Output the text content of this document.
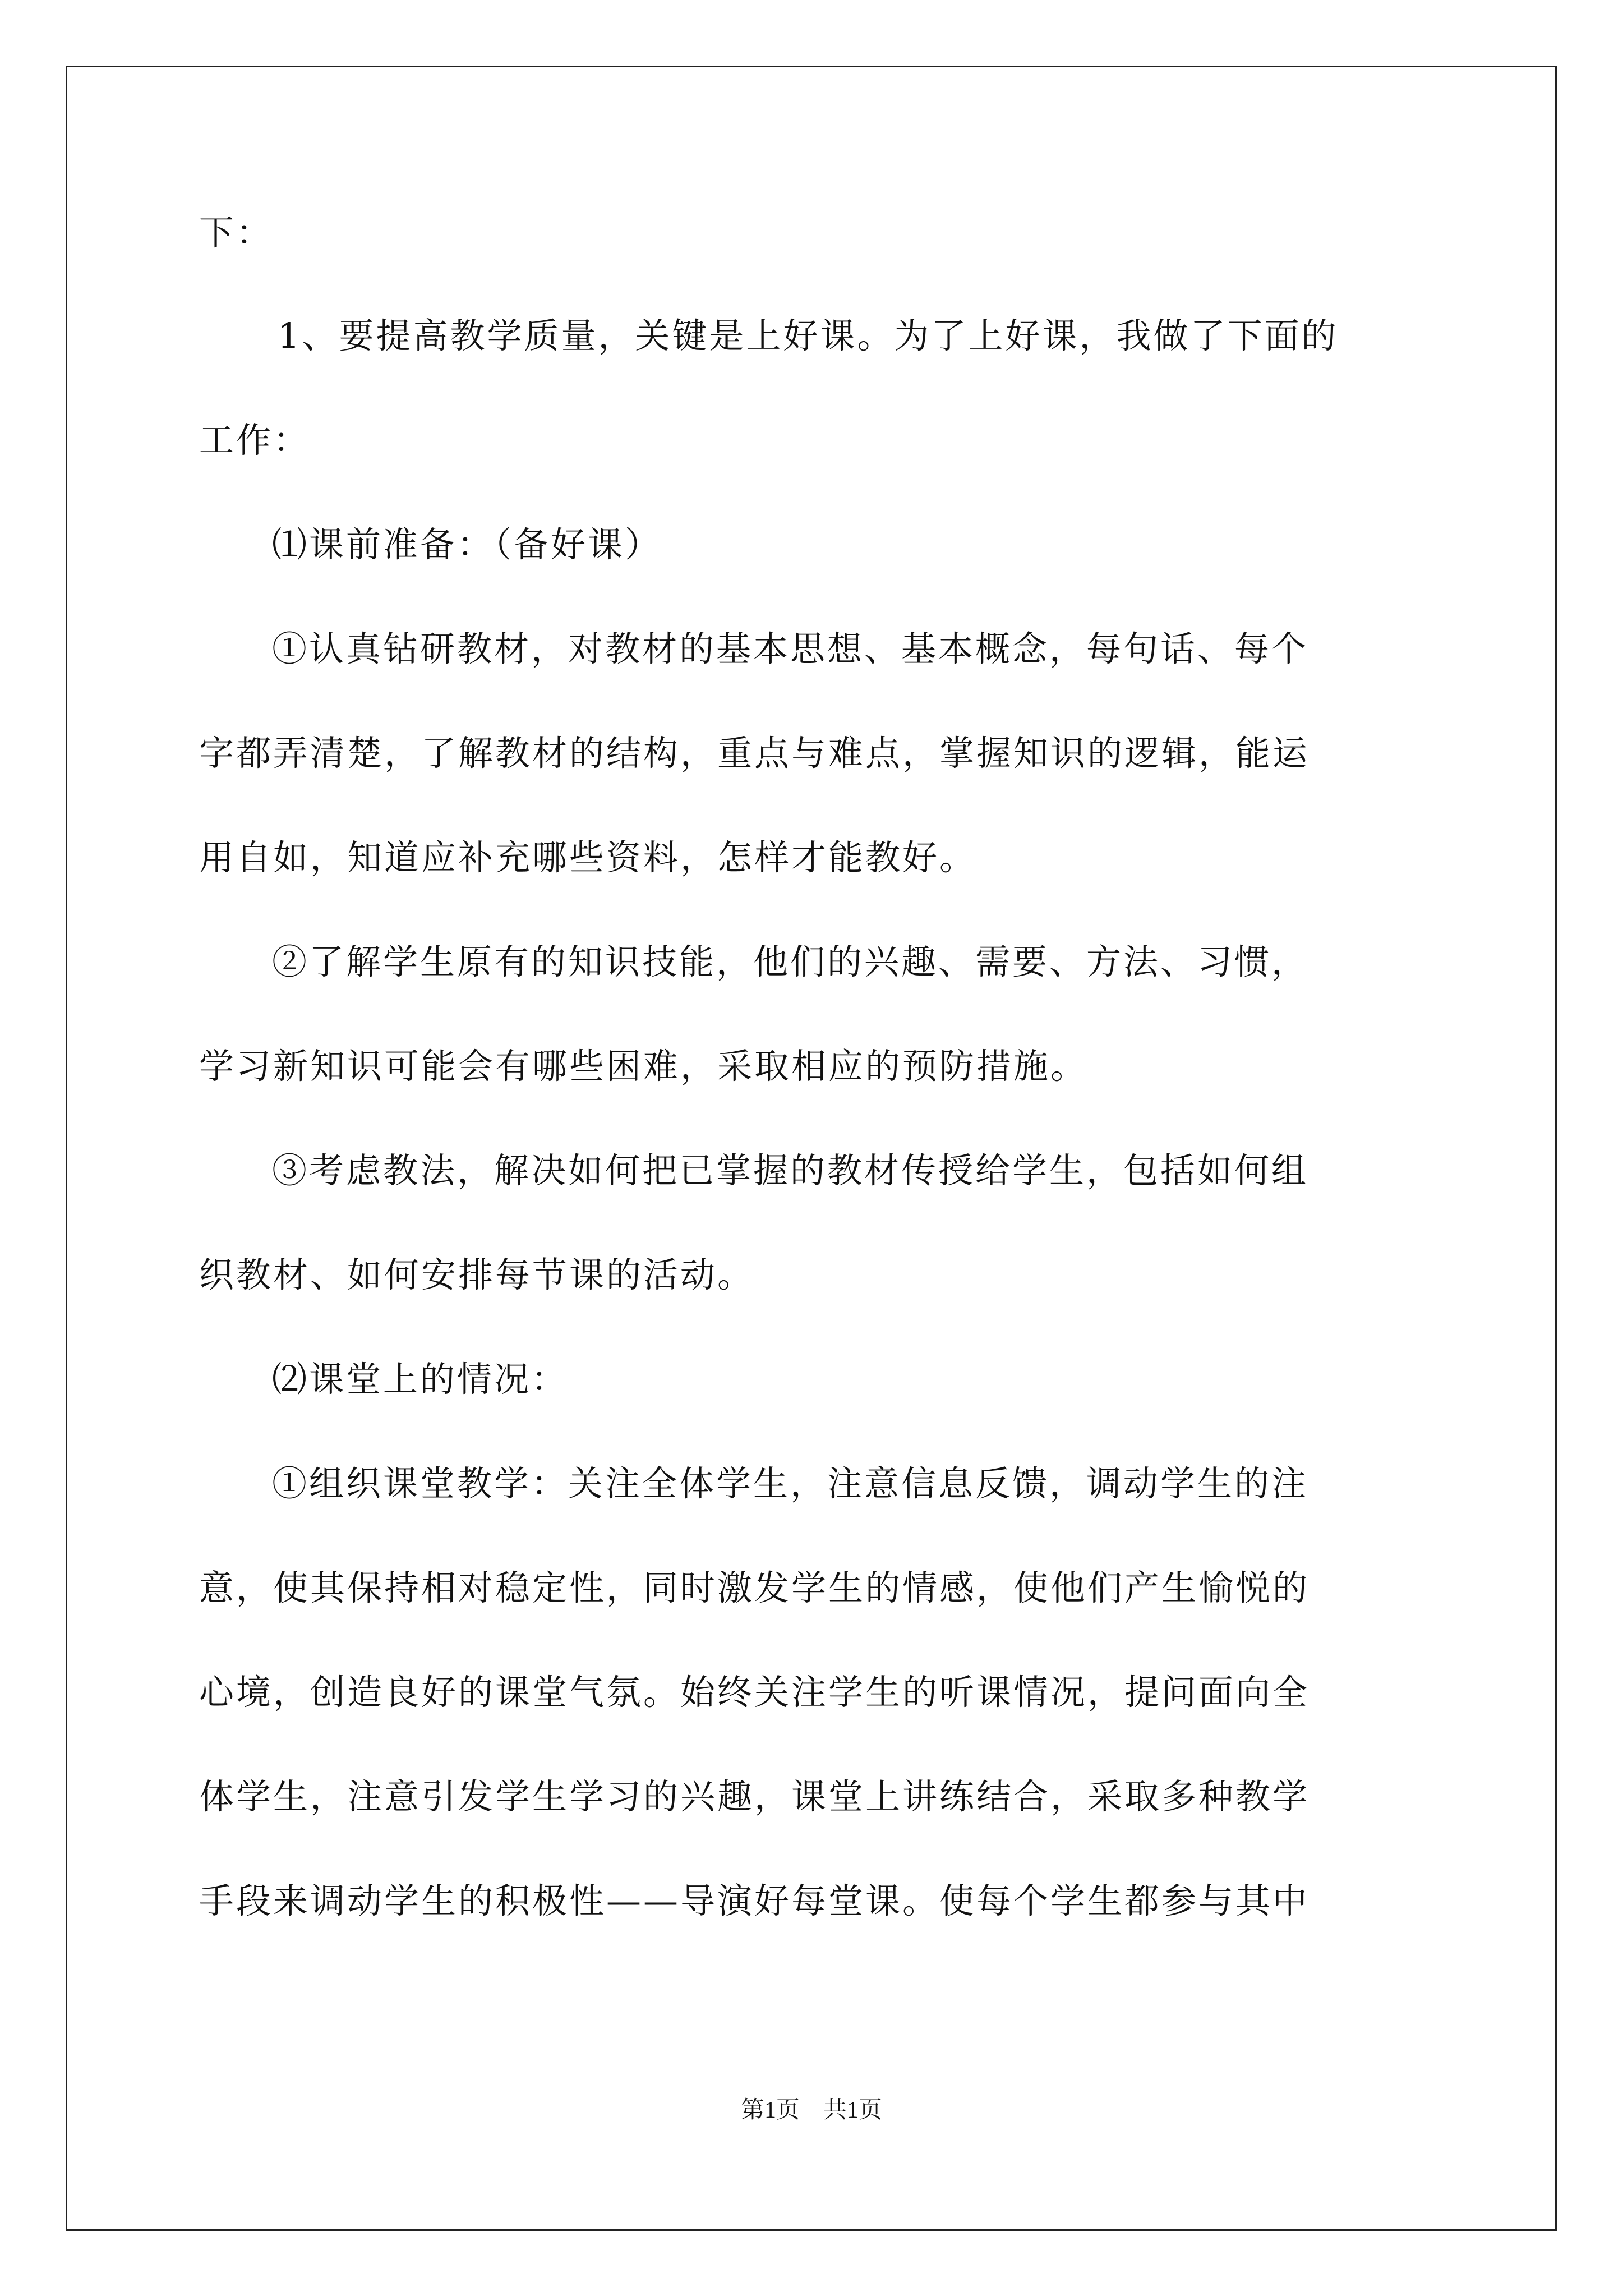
下：
1、要提高教学质量，关键是上好课。为了上好课，我做了下面的
工作：
⑴课前准备：（备好课）
①认真钻研教材，对教材的基本思想、基本概念，每句话、每个
字都弄清楚，了解教材的结构，重点与难点，掌握知识的逻辑，能运
用自如，知道应补充哪些资料，怎样才能教好。
②了解学生原有的知识技能，他们的兴趣、需要、方法、习惯，
学习新知识可能会有哪些困难，采取相应的预防措施。
③考虑教法，解决如何把已掌握的教材传授给学生，包括如何组
织教材、如何安排每节课的活动。
⑵课堂上的情况：
①组织课堂教学：关注全体学生，注意信息反馈，调动学生的注
意，使其保持相对稳定性，同时激发学生的情感，使他们产生愉悦的
心境，创造良好的课堂气氛。始终关注学生的听课情况，提问面向全
体学生，注意引发学生学习的兴趣，课堂上讲练结合，采取多种教学
手段来调动学生的积极性——导演好每堂课。使每个学生都参与其中
第1页　共1页
